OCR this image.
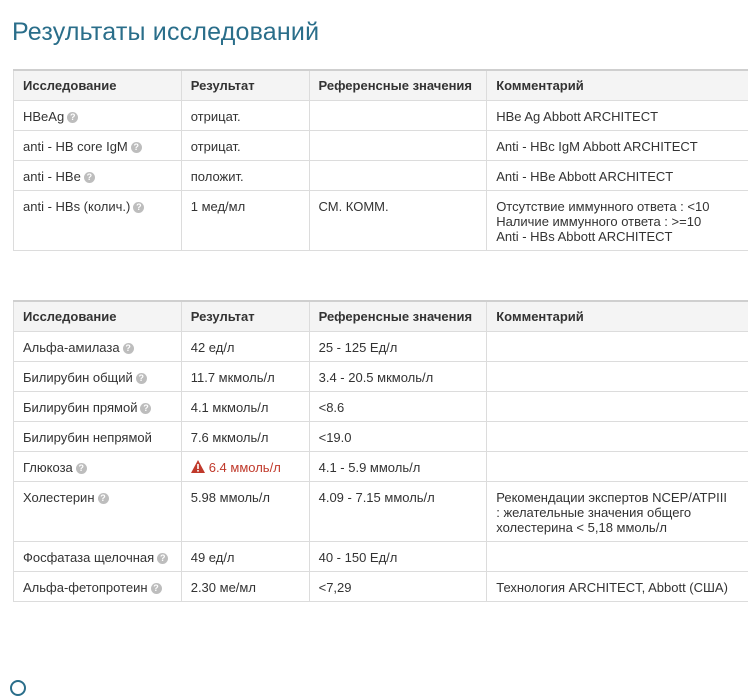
Результаты исследований
Исследование	Результат	Референсные значения	Комментарий
HBeAg ?	отрицат.		HBe Ag Abbott ARCHITECT

anti - HB core IgM ?	отрицат.		Anti - HBc IgM Abbott ARCHITECT

anti - HBe ?	положит.		Anti - HBe Abbott ARCHITECT

anti - HBs (колич.) ?	1 мед/мл	СМ. КОММ.	Отсутствие иммунного ответа : <10
Наличие иммунного ответа : >=10
Anti - HBs Abbott ARCHITECT
Исследование	Результат	Референсные значения	Комментарий
Альфа-амилаза ?	42 ед/л	25 - 125 Ед/л	
Билирубин общий ?	11.7 мкмоль/л	3.4 - 20.5 мкмоль/л	
Билирубин прямой ?	4.1 мкмоль/л	<8.6	
Билирубин непрямой	7.6 мкмоль/л	<19.0	
Глюкоза ?	6.4 ммоль/л	4.1 - 5.9 ммоль/л	
Холестерин ?	5.98 ммоль/л	4.09 - 7.15 ммоль/л	Рекомендации экспертов NCEP/ATPIII
: желательные значения общего
холестерина < 5,18 ммоль/л

Фосфатаза щелочная ?	49 ед/л	40 - 150 Ед/л	
Альфа-фетопротеин ?	2.30 ме/мл	<7,29	Технология ARCHITECT, Abbott (США)
